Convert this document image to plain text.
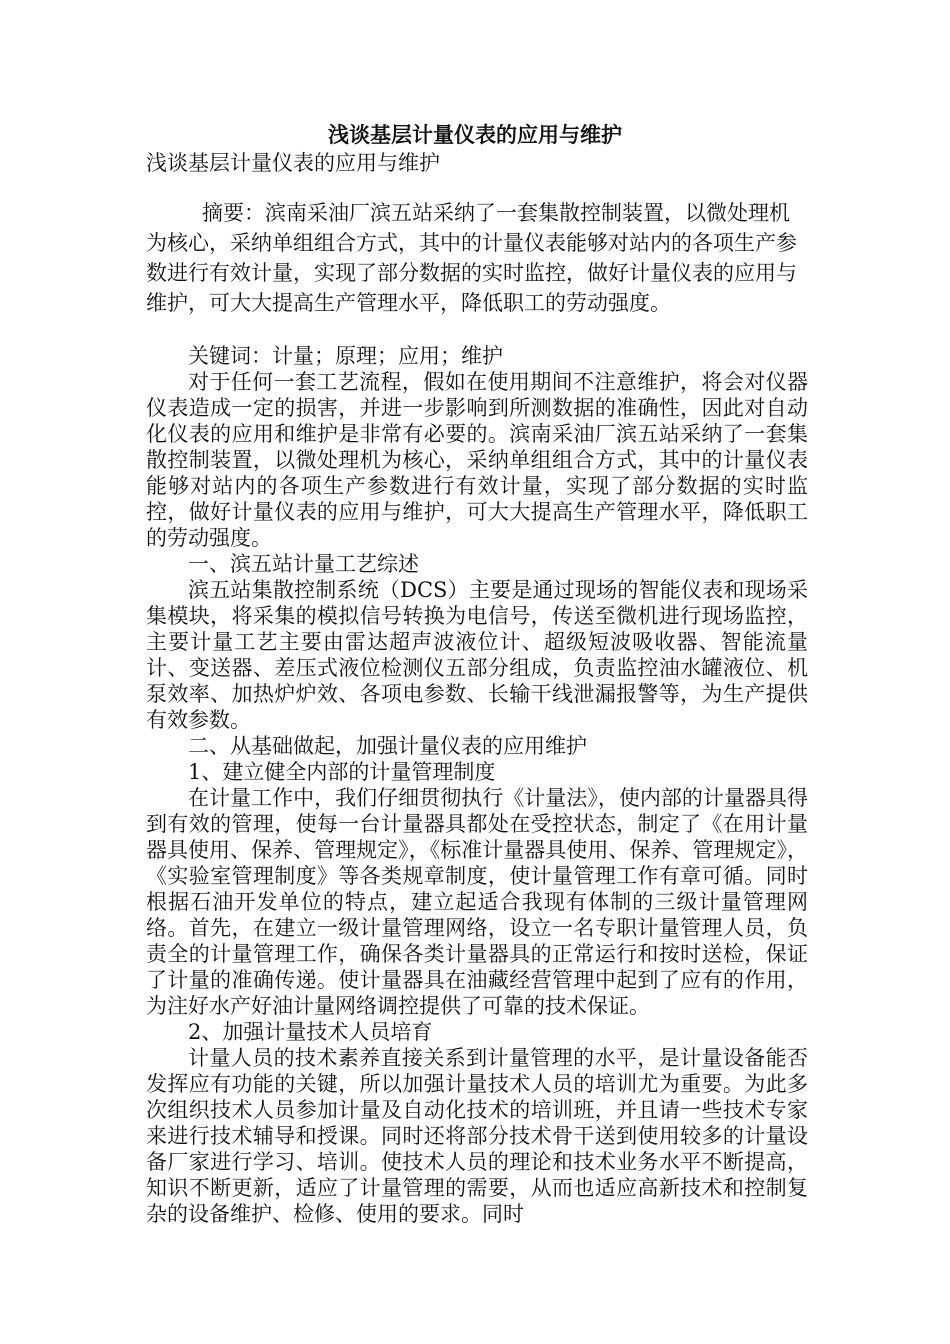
浅谈基层计量仪表的应用与维护

浅谈基层计量仪表的应用与维护

摘要：滨南采油厂滨五站采纳了一套集散控制装置，以微处理机为核心，采纳单组组合方式，其中的计量仪表能够对站内的各项生产参数进行有效计量，实现了部分数据的实时监控，做好计量仪表的应用与维护，可大大提高生产管理水平，降低职工的劳动强度。

关键词：计量；原理；应用；维护

对于任何一套工艺流程，假如在使用期间不注意维护，将会对仪器仪表造成一定的损害，并进一步影响到所测数据的准确性，因此对自动化仪表的应用和维护是非常有必要的。滨南采油厂滨五站采纳了一套集散控制装置，以微处理机为核心，采纳单组组合方式，其中的计量仪表能够对站内的各项生产参数进行有效计量，实现了部分数据的实时监控，做好计量仪表的应用与维护，可大大提高生产管理水平，降低职工的劳动强度。

一、滨五站计量工艺综述

滨五站集散控制系统（DCS）主要是通过现场的智能仪表和现场采集模块，将采集的模拟信号转换为电信号，传送至微机进行现场监控，主要计量工艺主要由雷达超声波液位计、超级短波吸收器、智能流量计、变送器、差压式液位检测仪五部分组成，负责监控油水罐液位、机泵效率、加热炉炉效、各项电参数、长输干线泄漏报警等，为生产提供有效参数。

二、从基础做起，加强计量仪表的应用维护

1、建立健全内部的计量管理制度

在计量工作中，我们仔细贯彻执行《计量法》，使内部的计量器具得到有效的管理，使每一台计量器具都处在受控状态，制定了《在用计量器具使用、保养、管理规定》，《标准计量器具使用、保养、管理规定》，《实验室管理制度》等各类规章制度，使计量管理工作有章可循。同时根据石油开发单位的特点，建立起适合我现有体制的三级计量管理网络。首先，在建立一级计量管理网络，设立一名专职计量管理人员，负责全的计量管理工作，确保各类计量器具的正常运行和按时送检，保证了计量的准确传递。使计量器具在油藏经营管理中起到了应有的作用，为注好水产好油计量网络调控提供了可靠的技术保证。

2、加强计量技术人员培育

计量人员的技术素养直接关系到计量管理的水平，是计量设备能否发挥应有功能的关键，所以加强计量技术人员的培训尤为重要。为此多次组织技术人员参加计量及自动化技术的培训班，并且请一些技术专家来进行技术辅导和授课。同时还将部分技术骨干送到使用较多的计量设备厂家进行学习、培训。使技术人员的理论和技术业务水平不断提高，知识不断更新，适应了计量管理的需要，从而也适应高新技术和控制复杂的设备维护、检修、使用的要求。同时
